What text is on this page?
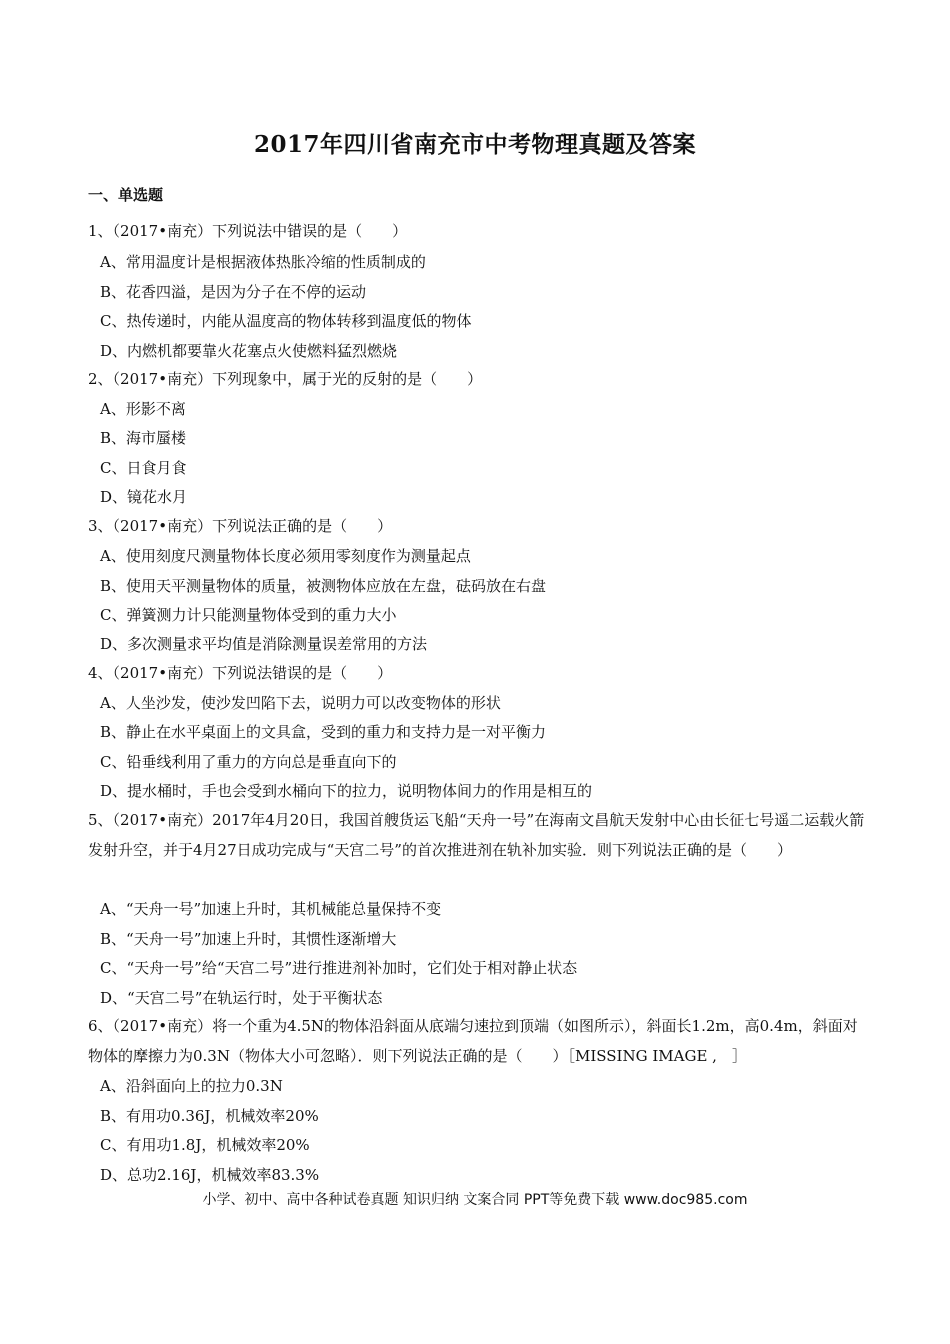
2017年四川省南充市中考物理真题及答案
一、单选题
1、（2017•南充）下列说法中错误的是（　　）
A、常用温度计是根据液体热胀冷缩的性质制成的
B、花香四溢，是因为分子在不停的运动
C、热传递时，内能从温度高的物体转移到温度低的物体
D、内燃机都要靠火花塞点火使燃料猛烈燃烧
2、（2017•南充）下列现象中，属于光的反射的是（　　）
A、形影不离
B、海市蜃楼
C、日食月食
D、镜花水月
3、（2017•南充）下列说法正确的是（　　）
A、使用刻度尺测量物体长度必须用零刻度作为测量起点
B、使用天平测量物体的质量，被测物体应放在左盘，砝码放在右盘
C、弹簧测力计只能测量物体受到的重力大小
D、多次测量求平均值是消除测量误差常用的方法
4、（2017•南充）下列说法错误的是（　　）
A、人坐沙发，使沙发凹陷下去，说明力可以改变物体的形状
B、静止在水平桌面上的文具盒，受到的重力和支持力是一对平衡力
C、铅垂线利用了重力的方向总是垂直向下的
D、提水桶时，手也会受到水桶向下的拉力，说明物体间力的作用是相互的
5、（2017•南充）2017年4月20日，我国首艘货运飞船“天舟一号”在海南文昌航天发射中心由长征七号遥二运载火箭发射升空，并于4月27日成功完成与“天宫二号”的首次推进剂在轨补加实验．则下列说法正确的是（　　）
A、“天舟一号”加速上升时，其机械能总量保持不变
B、“天舟一号”加速上升时，其惯性逐渐增大
C、“天舟一号”给“天宫二号”进行推进剂补加时，它们处于相对静止状态
D、“天宫二号”在轨运行时，处于平衡状态
6、（2017•南充）将一个重为4.5N的物体沿斜面从底端匀速拉到顶端（如图所示），斜面长1.2m，高0.4m，斜面对物体的摩擦力为0.3N（物体大小可忽略）．则下列说法正确的是（　　）［MISSING IMAGE ,　］
A、沿斜面向上的拉力0.3N
B、有用功0.36J，机械效率20%
C、有用功1.8J，机械效率20%
D、总功2.16J，机械效率83.3%
小学、初中、高中各种试卷真题 知识归纳 文案合同 PPT等免费下载 www.doc985.com
